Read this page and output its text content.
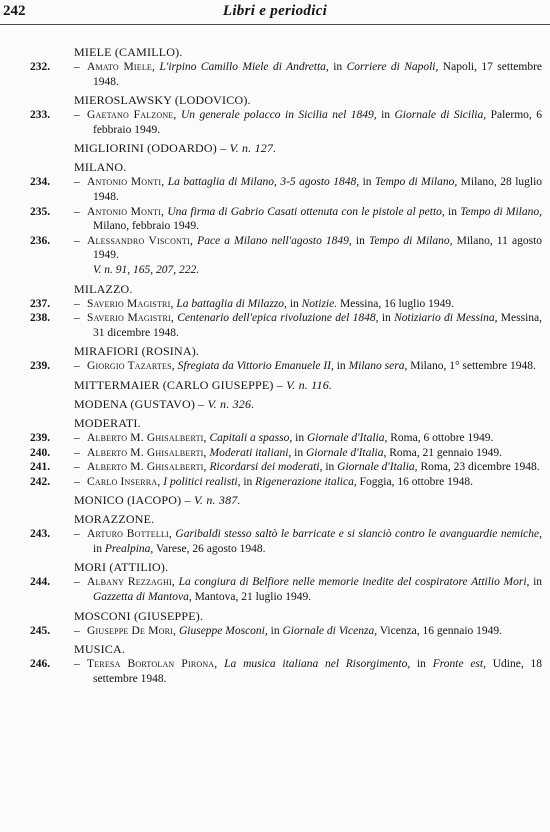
242	Libri e periodici
MIELE (CAMILLO).
232.	– Amato Miele, L'irpino Camillo Miele di Andretta, in Corriere di Napoli, Napoli, 17 settembre 1948.
MIEROSLAWSKY (LODOVICO).
233.	– Gaetano Falzone, Un generale polacco in Sicilia nel 1849, in Giornale di Sicilia, Palermo, 6 febbraio 1949.
MIGLIORINI (ODOARDO) – V. n. 127.
MILANO.
234.	– Antonio Monti, La battaglia di Milano, 3-5 agosto 1848, in Tempo di Milano, Milano, 28 luglio 1948.
235.	– Antonio Monti, Una firma di Gabrio Casati ottenuta con le pistole al petto, in Tempo di Milano, Milano, febbraio 1949.
236.	– Alessandro Visconti, Pace a Milano nell'agosto 1849, in Tempo di Milano, Milano, 11 agosto 1949.
V. n. 91, 165, 207, 222.
MILAZZO.
237.	– Saverio Magistri, La battaglia di Milazzo, in Notizie. Messina, 16 luglio 1949.
238.	– Saverio Magistri, Centenario dell'epica rivoluzione del 1848, in Notiziario di Messina, Messina, 31 dicembre 1948.
MIRAFIORI (ROSINA).
239.	– Giorgio Tazartes, Sfregiata da Vittorio Emanuele II, in Milano sera, Milano, 1° settembre 1948.
MITTERMAIER (CARLO GIUSEPPE) – V. n. 116.
MODENA (GUSTAVO) – V. n. 326.
MODERATI.
239.	– Alberto M. Ghisalberti, Capitali a spasso, in Giornale d'Italia, Roma, 6 ottobre 1949.
240.	– Alberto M. Ghisalberti, Moderati italiani, in Giornale d'Italia, Roma, 21 gennaio 1949.
241.	– Alberto M. Ghisalberti, Ricordarsi dei moderati, in Giornale d'Italia, Roma, 23 dicembre 1948.
242.	– Carlo Inserra, I politici realisti, in Rigenerazione italica, Foggia, 16 ottobre 1948.
MONICO (IACOPO) – V. n. 387.
MORAZZONE.
243.	– Arturo Bottelli, Garibaldi stesso saltò le barricate e si slanciò contro le avanguardie nemiche, in Prealpina, Varese, 26 agosto 1948.
MORI (ATTILIO).
244.	– Albany Rezzaghi, La congiura di Belfiore nelle memorie inedite del cospiratore Attilio Mori, in Gazzetta di Mantova, Mantova, 21 luglio 1949.
MOSCONI (GIUSEPPE).
245.	– Giuseppe De Mori, Giuseppe Mosconi, in Giornale di Vicenza, Vicenza, 16 gennaio 1949.
MUSICA.
246.	– Teresa Bortolan Pirona, La musica italiana nel Risorgimento, in Fronte est, Udine, 18 settembre 1948.
